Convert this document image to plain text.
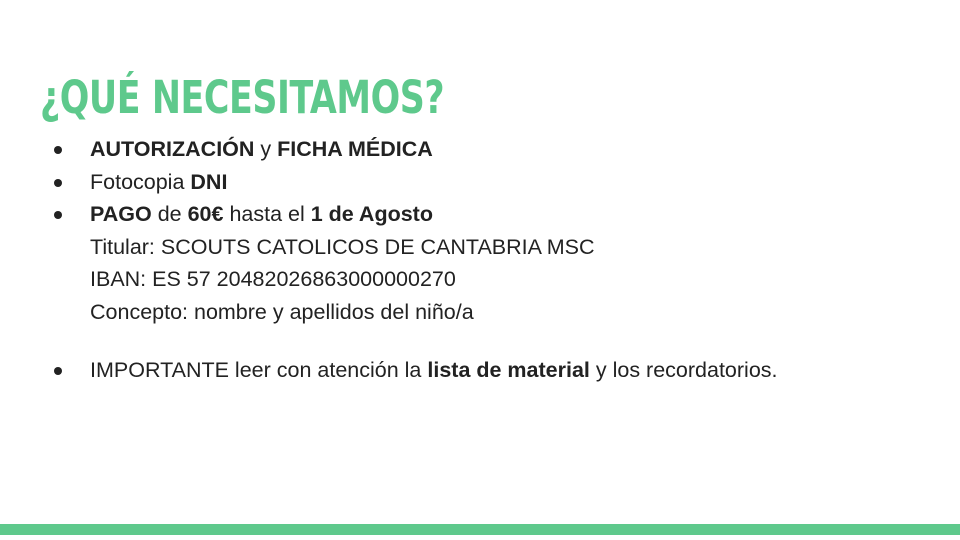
¿QUÉ NECESITAMOS?
AUTORIZACIÓN y FICHA MÉDICA
Fotocopia DNI
PAGO de 60€ hasta el 1 de Agosto
Titular: SCOUTS CATOLICOS DE CANTABRIA MSC
IBAN: ES 57 20482026863000000270
Concepto: nombre y apellidos del niño/a
IMPORTANTE leer con atención la lista de material y los recordatorios.
